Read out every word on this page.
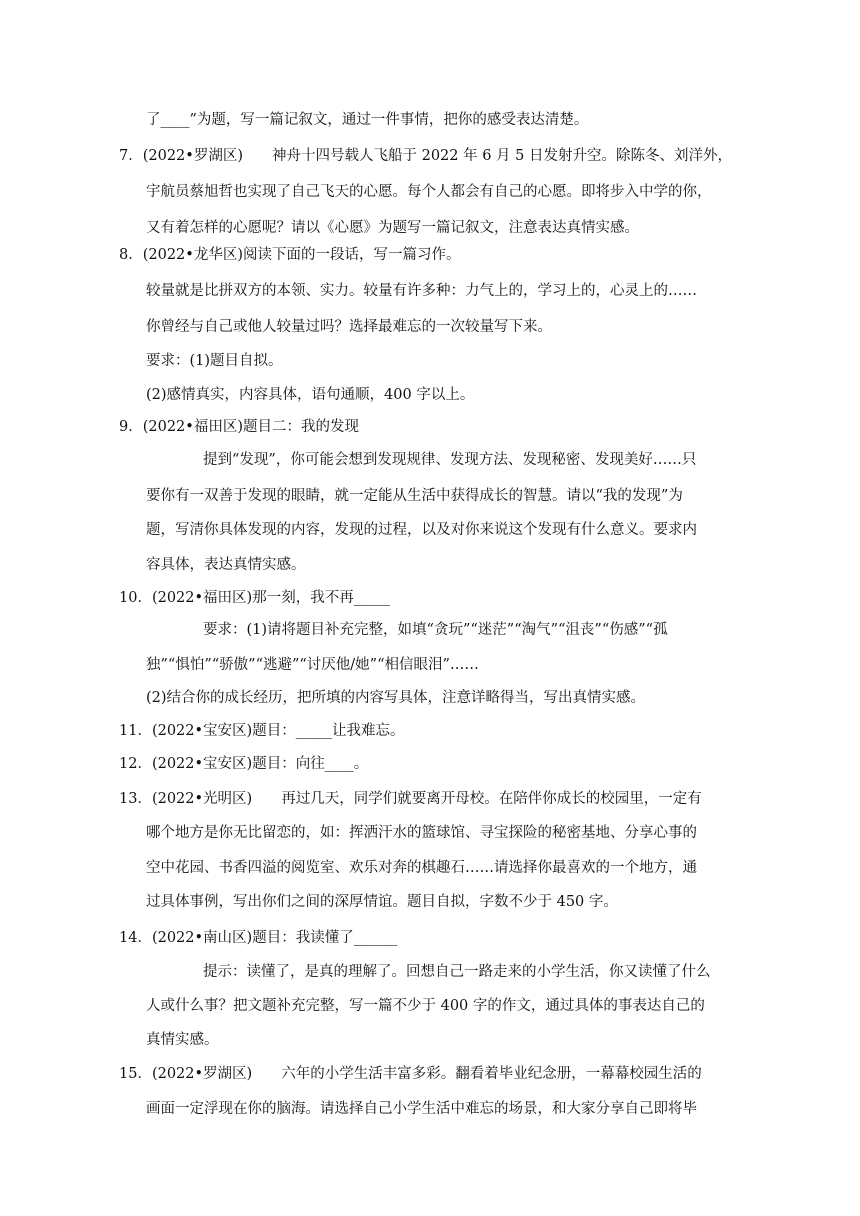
了____”为题，写一篇记叙文，通过一件事情，把你的感受表达清楚。
7．(2022•罗湖区)　　神舟十四号载人飞船于 2022 年 6 月 5 日发射升空。除陈冬、刘洋外，
宇航员蔡旭哲也实现了自己飞天的心愿。每个人都会有自己的心愿。即将步入中学的你，
又有着怎样的心愿呢？请以《心愿》为题写一篇记叙文，注意表达真情实感。
8．(2022•龙华区)阅读下面的一段话，写一篇习作。
较量就是比拼双方的本领、实力。较量有许多种：力气上的，学习上的，心灵上的……
你曾经与自己或他人较量过吗？选择最难忘的一次较量写下来。
要求：(1)题目自拟。
(2)感情真实，内容具体，语句通顺，400 字以上。
9．(2022•福田区)题目二：我的发现
提到“发现”，你可能会想到发现规律、发现方法、发现秘密、发现美好……只
要你有一双善于发现的眼睛，就一定能从生活中获得成长的智慧。请以“我的发现”为
题，写清你具体发现的内容，发现的过程，以及对你来说这个发现有什么意义。要求内
容具体，表达真情实感。
10．(2022•福田区)那一刻，我不再_____
要求：(1)请将题目补充完整，如填“贪玩”“迷茫”“淘气”“沮丧”“伤感”“孤
独”“惧怕”“骄傲”“逃避”“讨厌他/她”“相信眼泪”……
(2)结合你的成长经历，把所填的内容写具体，注意详略得当，写出真情实感。
11．(2022•宝安区)题目：_____让我难忘。
12．(2022•宝安区)题目：向往____。
13．(2022•光明区)　　再过几天，同学们就要离开母校。在陪伴你成长的校园里，一定有
哪个地方是你无比留恋的，如：挥洒汗水的篮球馆、寻宝探险的秘密基地、分享心事的
空中花园、书香四溢的阅览室、欢乐对奔的棋趣石……请选择你最喜欢的一个地方，通
过具体事例，写出你们之间的深厚情谊。题目自拟，字数不少于 450 字。
14．(2022•南山区)题目：我读懂了______
提示：读懂了，是真的理解了。回想自己一路走来的小学生活，你又读懂了什么
人或什么事？把文题补充完整，写一篇不少于 400 字的作文，通过具体的事表达自己的
真情实感。
15．(2022•罗湖区)　　六年的小学生活丰富多彩。翻看着毕业纪念册，一幕幕校园生活的
画面一定浮现在你的脑海。请选择自己小学生活中难忘的场景，和大家分享自己即将毕
